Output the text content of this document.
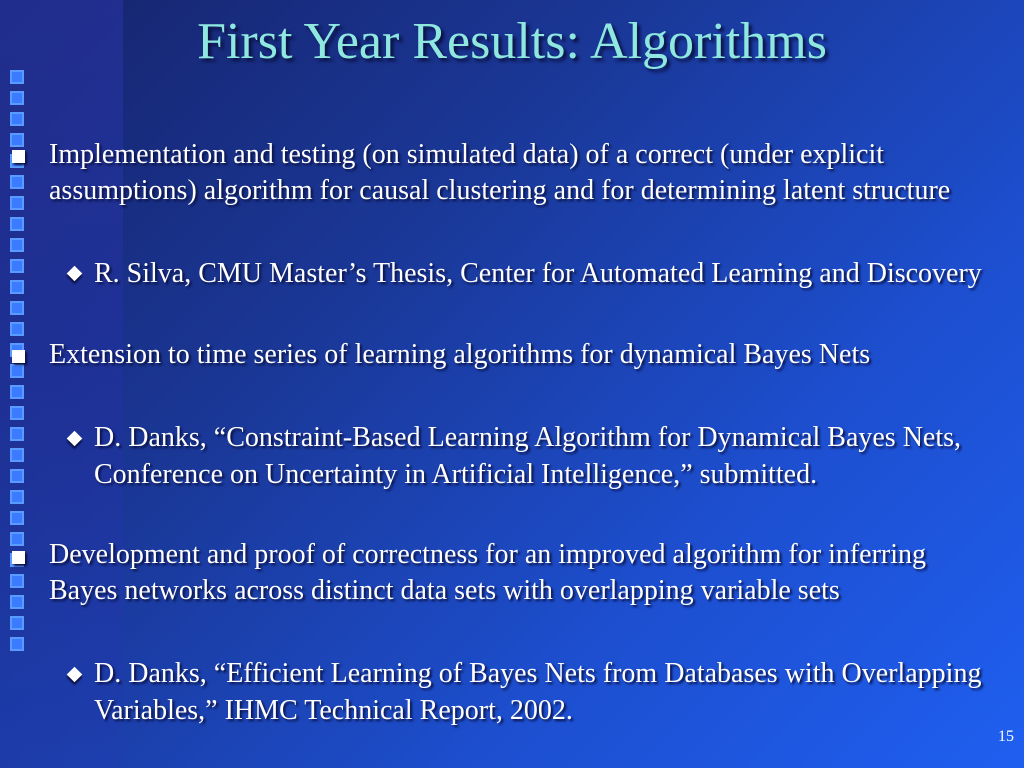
First Year Results: Algorithms
Implementation and testing (on simulated data) of a correct (under explicit assumptions) algorithm for causal clustering and for determining latent structure
R. Silva, CMU Master’s Thesis, Center for Automated Learning and Discovery
Extension to time series of learning algorithms for dynamical Bayes Nets
D. Danks, “Constraint-Based Learning Algorithm for Dynamical Bayes Nets, Conference on Uncertainty in Artificial Intelligence,” submitted.
Development and proof of correctness for an improved algorithm for inferring Bayes networks across distinct data sets with overlapping variable sets
D. Danks, “Efficient Learning of Bayes Nets from Databases with Overlapping Variables,” IHMC Technical Report, 2002.
15
